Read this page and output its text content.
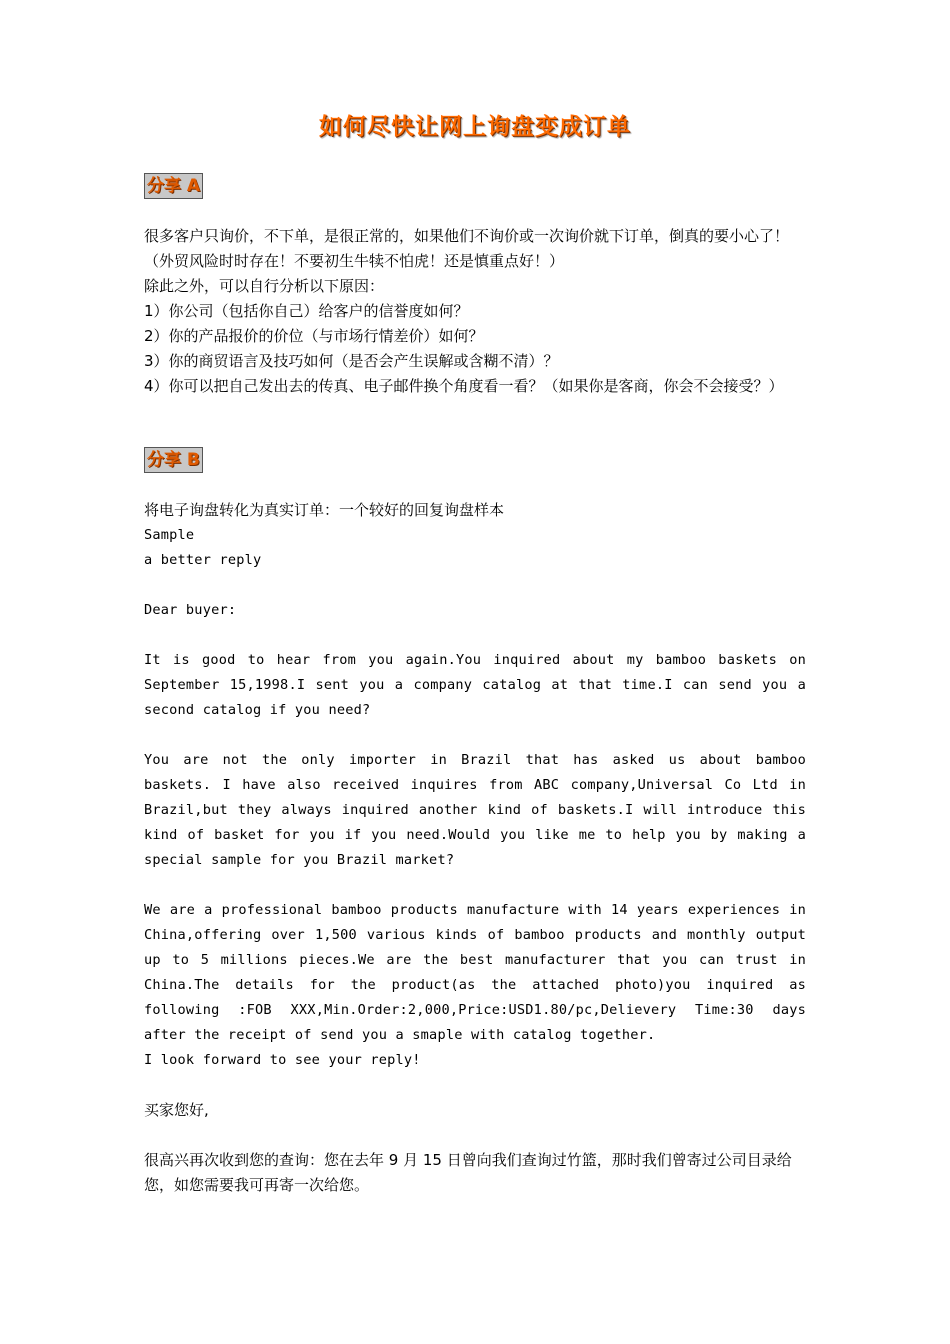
如何尽快让网上询盘变成订单
分享 A

很多客户只询价，不下单，是很正常的，如果他们不询价或一次询价就下订单，倒真的要小心了！（外贸风险时时存在！不要初生牛犊不怕虎！还是慎重点好！）

除此之外，可以自行分析以下原因：

1）你公司（包括你自己）给客户的信誉度如何？

2）你的产品报价的价位（与市场行情差价）如何？

3）你的商贸语言及技巧如何（是否会产生误解或含糊不清）？

4）你可以把自己发出去的传真、电子邮件换个角度看一看？（如果你是客商，你会不会接受？）

分享 B

将电子询盘转化为真实订单：一个较好的回复询盘样本

Sample

a better reply

Dear buyer:

It is good to hear from you again.You inquired about my bamboo baskets on September 15,1998.I sent you a company catalog at that time.I can send you a second catalog if you need?

You are not the only importer in Brazil that has asked us about bamboo baskets. I have also received inquires from ABC company,Universal Co Ltd in Brazil,but they always inquired another kind of baskets.I will introduce this kind of basket for you if you need.Would you like me to help you by making a special sample for you Brazil market?

We are a professional bamboo products manufacture with 14 years experiences in China,offering over 1,500 various kinds of bamboo products and monthly output up to 5 millions pieces.We are the best manufacturer that you can trust in China.The details for the product(as the attached photo)you inquired as following :FOB XXX,Min.Order:2,000,Price:USD1.80/pc,Delievery Time:30 days after the receipt of send you a smaple with catalog together.

I look forward to see your reply!

买家您好,

很高兴再次收到您的查询：您在去年 9 月 15 日曾向我们查询过竹篮，那时我们曾寄过公司目录给您，如您需要我可再寄一次给您。
